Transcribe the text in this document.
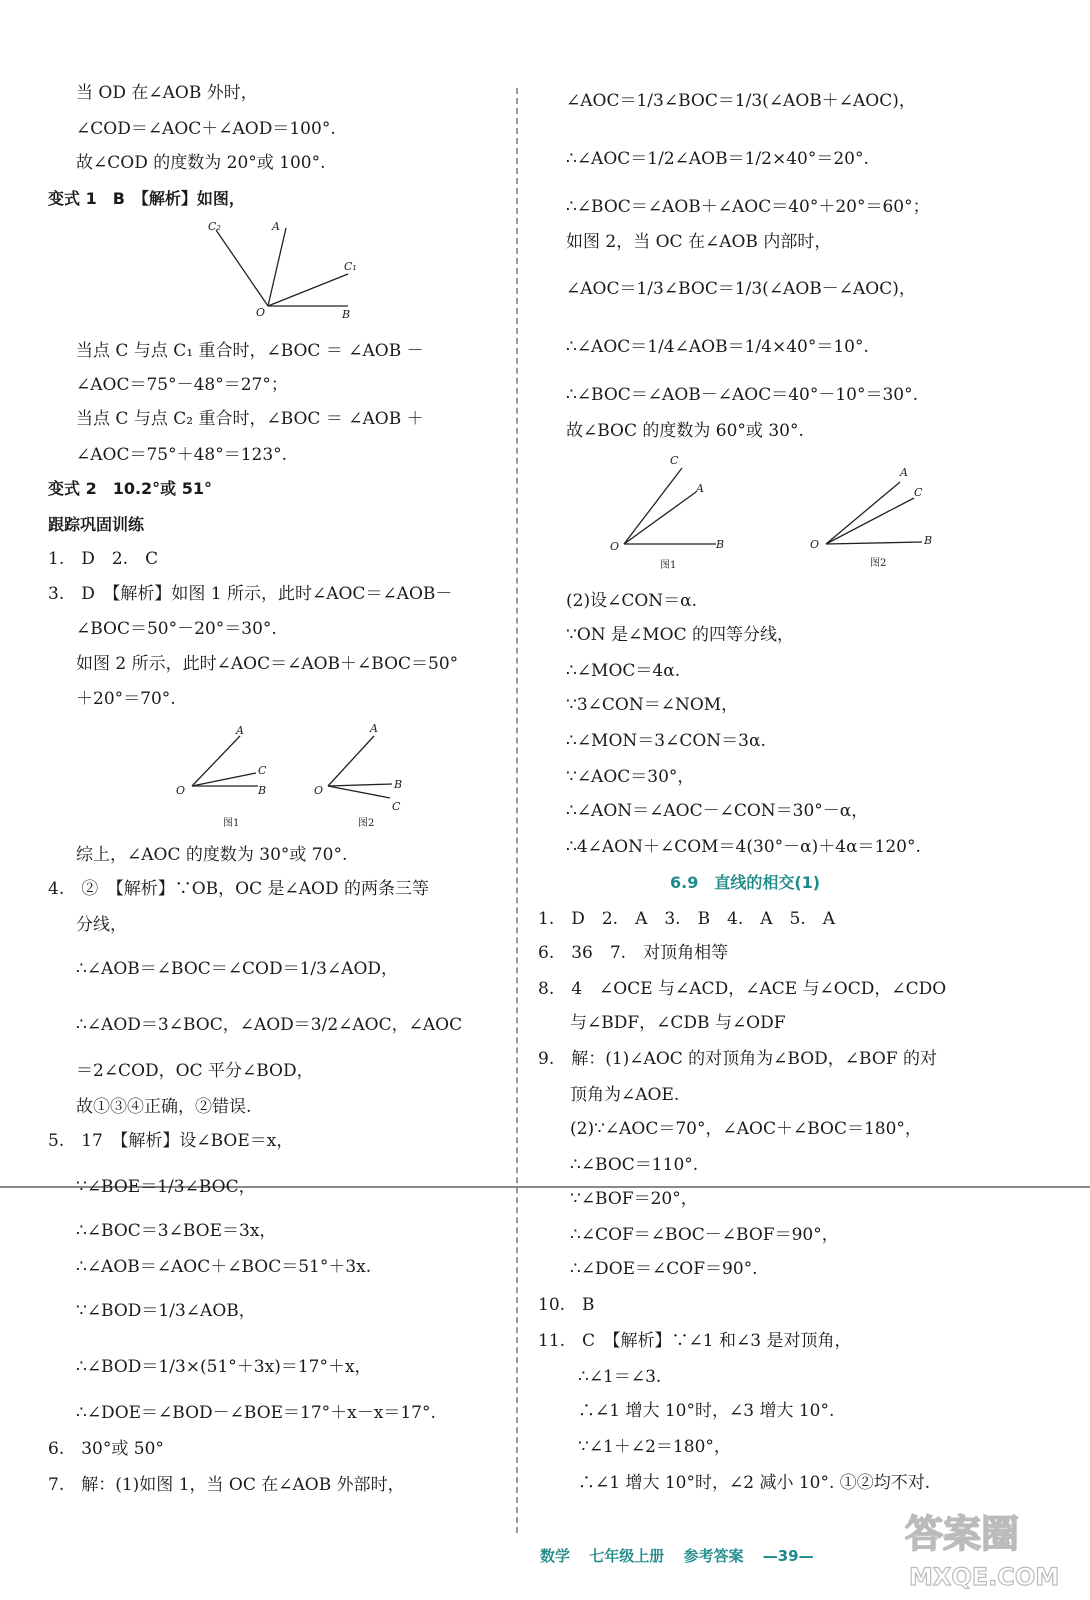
当 OD 在∠AOB 外时，
∠COD＝∠AOC＋∠AOD＝100°.
故∠COD 的度数为 20°或 100°.
变式 1　B　【解析】如图，
C₂	A
C₁
O	B
当点 C 与点 C₁ 重合时，∠BOC ＝ ∠AOB －
∠AOC＝75°－48°＝27°；
当点 C 与点 C₂ 重合时，∠BOC ＝ ∠AOB ＋
∠AOC＝75°＋48°＝123°.
变式 2　10.2°或 51°
跟踪巩固训练
1.　D　2.　C
3.　D　【解析】如图 1 所示，此时∠AOC＝∠AOB－
∠BOC＝50°－20°＝30°.
如图 2 所示，此时∠AOC＝∠AOB＋∠BOC＝50°
＋20°＝70°.
A
C
O	B
图1
A
B
C
O
图2
综上，∠AOC 的度数为 30°或 70°.
4.　②　【解析】∵OB，OC 是∠AOD 的两条三等
分线，
∴∠AOB＝∠BOC＝∠COD＝1/3∠AOD，
∴∠AOD＝3∠BOC，∠AOD＝3/2∠AOC，∠AOC
＝2∠COD，OC 平分∠BOD，
故①③④正确，②错误.
5.　17　【解析】设∠BOE＝x，
∵∠BOE＝1/3∠BOC，
∴∠BOC＝3∠BOE＝3x，
∴∠AOB＝∠AOC＋∠BOC＝51°＋3x.
∵∠BOD＝1/3∠AOB，
∴∠BOD＝1/3×(51°＋3x)＝17°＋x，
∴∠DOE＝∠BOD－∠BOE＝17°＋x－x＝17°.
6.　30°或 50°
7.　解：(1)如图 1，当 OC 在∠AOB 外部时，
∠AOC＝1/3∠BOC＝1/3(∠AOB＋∠AOC)，
∴∠AOC＝1/2∠AOB＝1/2×40°＝20°.
∴∠BOC＝∠AOB＋∠AOC＝40°＋20°＝60°；
如图 2，当 OC 在∠AOB 内部时，
∠AOC＝1/3∠BOC＝1/3(∠AOB－∠AOC)，
∴∠AOC＝1/4∠AOB＝1/4×40°＝10°.
∴∠BOC＝∠AOB－∠AOC＝40°－10°＝30°.
故∠BOC 的度数为 60°或 30°.
C
A
O	B
图1
A
C
O	B
图2
(2)设∠CON＝α.
∵ON 是∠MOC 的四等分线，
∴∠MOC＝4α.
∵3∠CON＝∠NOM，
∴∠MON＝3∠CON＝3α.
∵∠AOC＝30°，
∴∠AON＝∠AOC－∠CON＝30°－α，
∴4∠AON＋∠COM＝4(30°－α)＋4α＝120°.
6.9　直线的相交(1)
1.　D　2.　A　3.　B　4.　A　5.　A
6.　36　7.　对顶角相等
8.　4　∠OCE 与∠ACD，∠ACE 与∠OCD，∠CDO
与∠BDF，∠CDB 与∠ODF
9.　解：(1)∠AOC 的对顶角为∠BOD，∠BOF 的对
顶角为∠AOE.
(2)∵∠AOC＝70°，∠AOC＋∠BOC＝180°，
∴∠BOC＝110°.
∵∠BOF＝20°，
∴∠COF＝∠BOC－∠BOF＝90°，
∴∠DOE＝∠COF＝90°.
10.　B
11.　C　【解析】∵∠1 和∠3 是对顶角，
∴∠1＝∠3.
∴∠1 增大 10°时，∠3 增大 10°.
∵∠1＋∠2＝180°，
∴∠1 增大 10°时，∠2 减小 10°. ①②均不对.
数学 七年级上册 参考答案 —39— 答案圈
MXQE.COM
